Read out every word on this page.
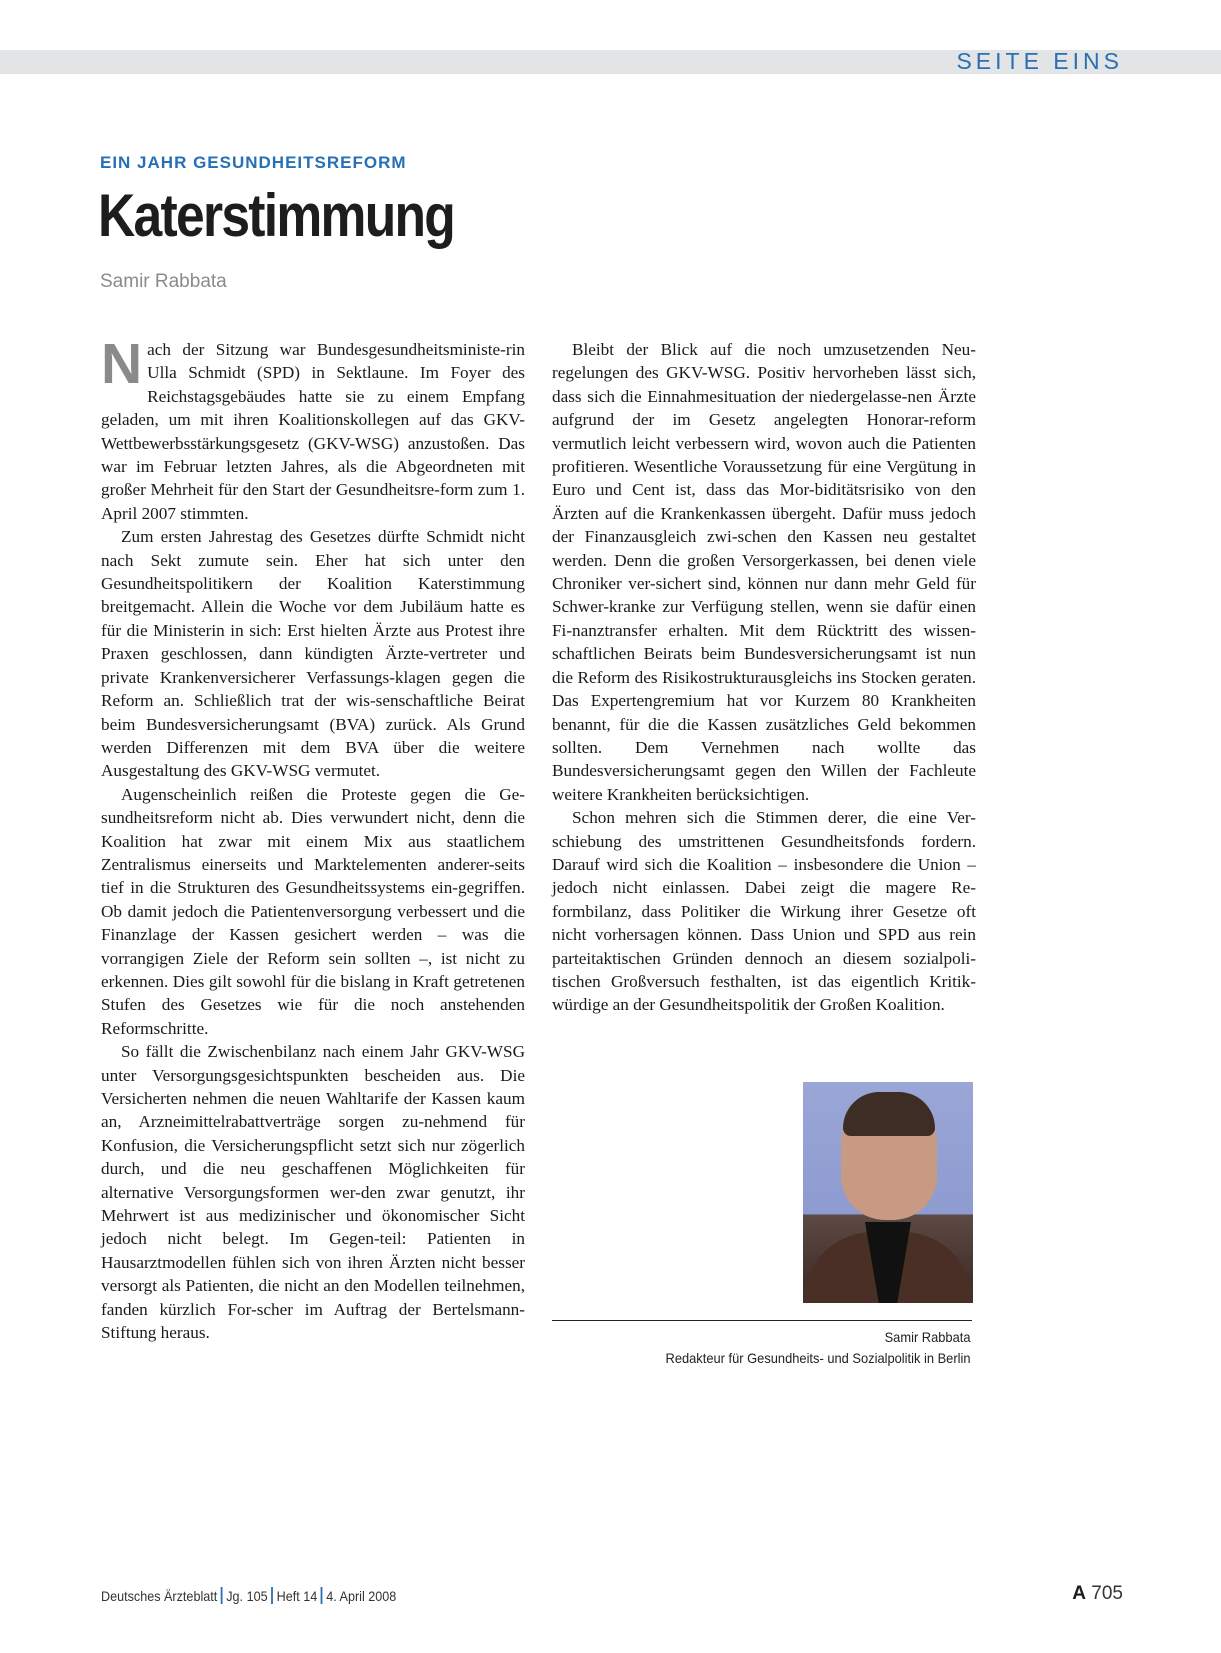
SEITE EINS
EIN JAHR GESUNDHEITSREFORM
Katerstimmung
Samir Rabbata

Nach der Sitzung war Bundesgesundheitsministe-rin Ulla Schmidt (SPD) in Sektlaune. Im Foyer des Reichstagsgebäudes hatte sie zu einem Empfang geladen, um mit ihren Koalitionskollegen auf das GKV-Wettbewerbsstärkungsgesetz (GKV-WSG) anzustoßen. Das war im Februar letzten Jahres, als die Abgeordneten mit großer Mehrheit für den Start der Gesundheitsre-form zum 1. April 2007 stimmten.

Zum ersten Jahrestag des Gesetzes dürfte Schmidt nicht nach Sekt zumute sein. Eher hat sich unter den Gesundheitspolitikern der Koalition Katerstimmung breitgemacht. Allein die Woche vor dem Jubiläum hatte es für die Ministerin in sich: Erst hielten Ärzte aus Protest ihre Praxen geschlossen, dann kündigten Ärzte-vertreter und private Krankenversicherer Verfassungs-klagen gegen die Reform an. Schließlich trat der wis-senschaftliche Beirat beim Bundesversicherungsamt (BVA) zurück. Als Grund werden Differenzen mit dem BVA über die weitere Ausgestaltung des GKV-WSG vermutet.

Augenscheinlich reißen die Proteste gegen die Ge-sundheitsreform nicht ab. Dies verwundert nicht, denn die Koalition hat zwar mit einem Mix aus staatlichem Zentralismus einerseits und Marktelementen anderer-seits tief in die Strukturen des Gesundheitssystems ein-gegriffen. Ob damit jedoch die Patientenversorgung verbessert und die Finanzlage der Kassen gesichert werden – was die vorrangigen Ziele der Reform sein sollten –, ist nicht zu erkennen. Dies gilt sowohl für die bislang in Kraft getretenen Stufen des Gesetzes wie für die noch anstehenden Reformschritte.

So fällt die Zwischenbilanz nach einem Jahr GKV-WSG unter Versorgungsgesichtspunkten bescheiden aus. Die Versicherten nehmen die neuen Wahltarife der Kassen kaum an, Arzneimittelrabattverträge sorgen zu-nehmend für Konfusion, die Versicherungspflicht setzt sich nur zögerlich durch, und die neu geschaffenen Möglichkeiten für alternative Versorgungsformen wer-den zwar genutzt, ihr Mehrwert ist aus medizinischer und ökonomischer Sicht jedoch nicht belegt. Im Gegen-teil: Patienten in Hausarztmodellen fühlen sich von ihren Ärzten nicht besser versorgt als Patienten, die nicht an den Modellen teilnehmen, fanden kürzlich For-scher im Auftrag der Bertelsmann-Stiftung heraus.

Bleibt der Blick auf die noch umzusetzenden Neu-regelungen des GKV-WSG. Positiv hervorheben lässt sich, dass sich die Einnahmesituation der niedergelasse-nen Ärzte aufgrund der im Gesetz angelegten Honorar-reform vermutlich leicht verbessern wird, wovon auch die Patienten profitieren. Wesentliche Voraussetzung für eine Vergütung in Euro und Cent ist, dass das Mor-biditätsrisiko von den Ärzten auf die Krankenkassen übergeht. Dafür muss jedoch der Finanzausgleich zwi-schen den Kassen neu gestaltet werden. Denn die großen Versorgerkassen, bei denen viele Chroniker ver-sichert sind, können nur dann mehr Geld für Schwer-kranke zur Verfügung stellen, wenn sie dafür einen Fi-nanztransfer erhalten. Mit dem Rücktritt des wissen-schaftlichen Beirats beim Bundesversicherungsamt ist nun die Reform des Risikostrukturausgleichs ins Stocken geraten. Das Expertengremium hat vor Kurzem 80 Krankheiten benannt, für die die Kassen zusätzliches Geld bekommen sollten. Dem Vernehmen nach wollte das Bundesversicherungsamt gegen den Willen der Fachleute weitere Krankheiten berücksichtigen.

Schon mehren sich die Stimmen derer, die eine Ver-schiebung des umstrittenen Gesundheitsfonds fordern. Darauf wird sich die Koalition – insbesondere die Union – jedoch nicht einlassen. Dabei zeigt die magere Re-formbilanz, dass Politiker die Wirkung ihrer Gesetze oft nicht vorhersagen können. Dass Union und SPD aus rein parteitaktischen Gründen dennoch an diesem sozialpoli-tischen Großversuch festhalten, ist das eigentlich Kritik-würdige an der Gesundheitspolitik der Großen Koalition.

Samir Rabbata
Redakteur für Gesundheits- und Sozialpolitik in Berlin
Deutsches Ärzteblatt Jg. 105 Heft 14 4. April 2008	A 705
